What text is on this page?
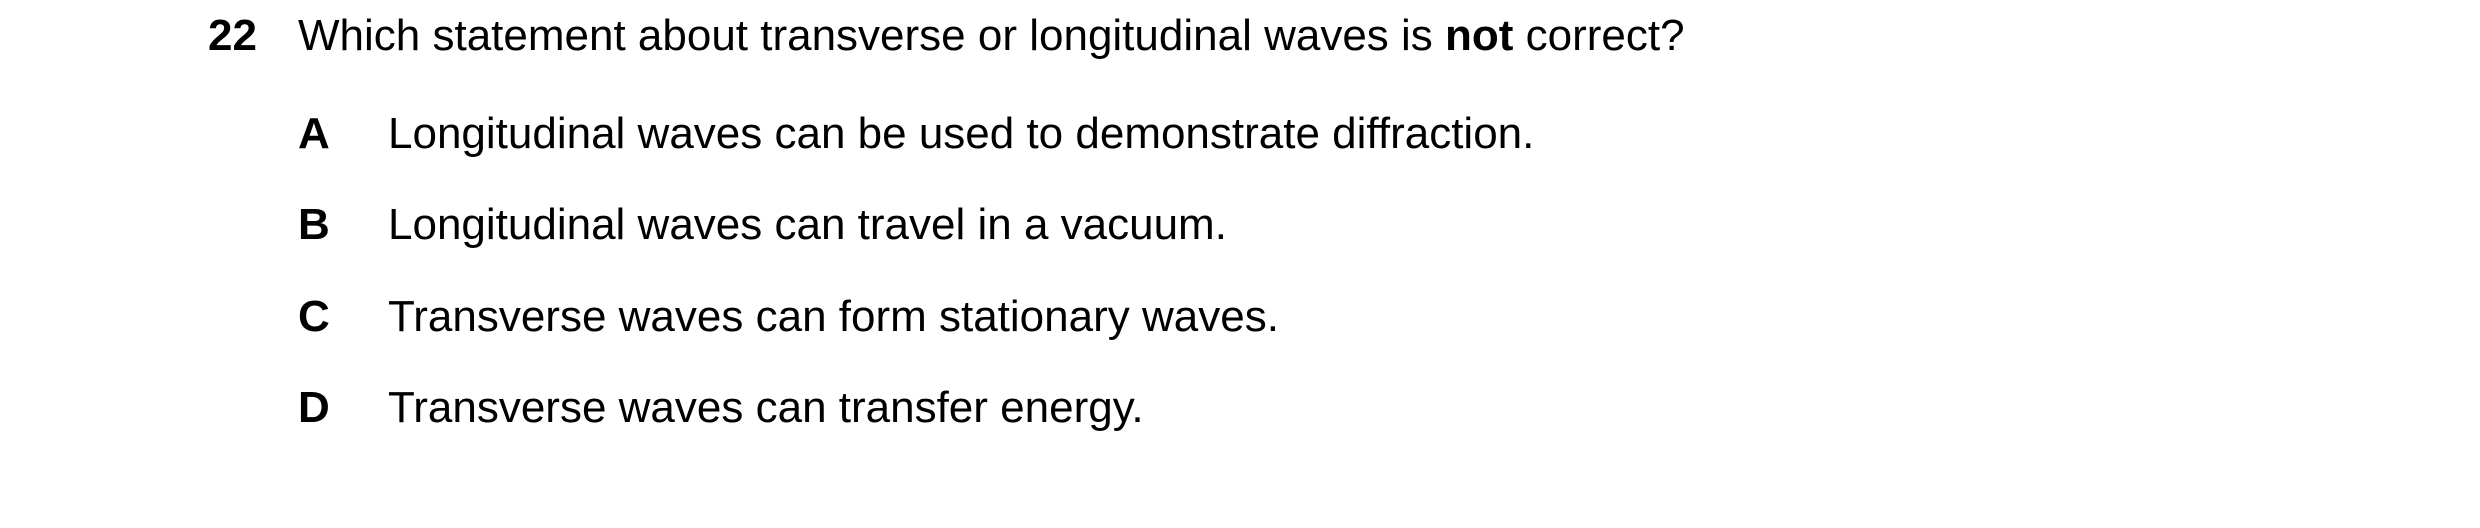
22 Which statement about transverse or longitudinal waves is not correct?
A Longitudinal waves can be used to demonstrate diffraction.
B Longitudinal waves can travel in a vacuum.
C Transverse waves can form stationary waves.
D Transverse waves can transfer energy.
